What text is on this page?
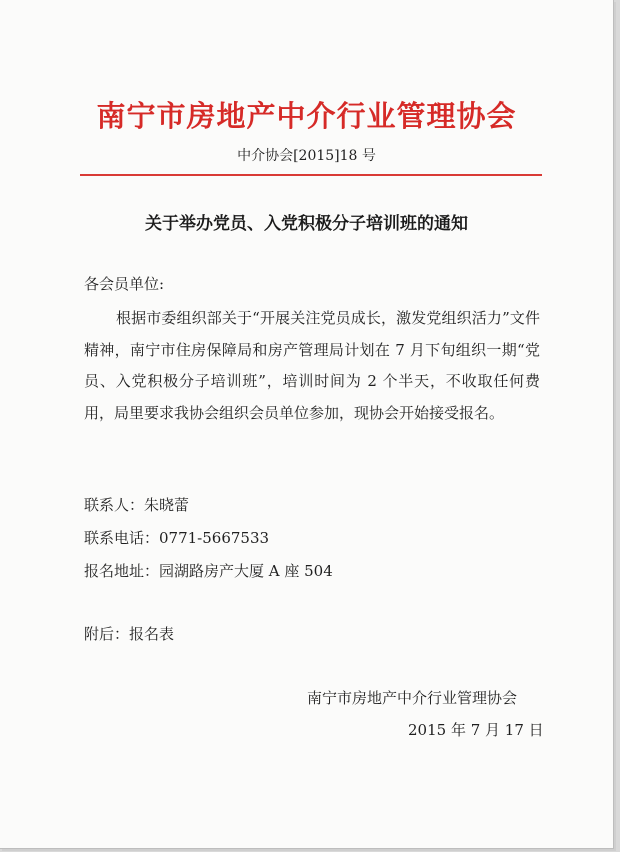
南宁市房地产中介行业管理协会
中介协会[2015]18 号
关于举办党员、入党积极分子培训班的通知
各会员单位:

根据市委组织部关于“开展关注党员成长，激发党组织活力”文件精神，南宁市住房保障局和房产管理局计划在 7 月下旬组织一期“党员、入党积极分子培训班”，培训时间为 2 个半天，不收取任何费用，局里要求我协会组织会员单位参加，现协会开始接受报名。

联系人：朱晓蕾
联系电话：0771-5667533
报名地址：园湖路房产大厦 A 座 504
附后：报名表
南宁市房地产中介行业管理协会
2015 年 7 月 17 日
